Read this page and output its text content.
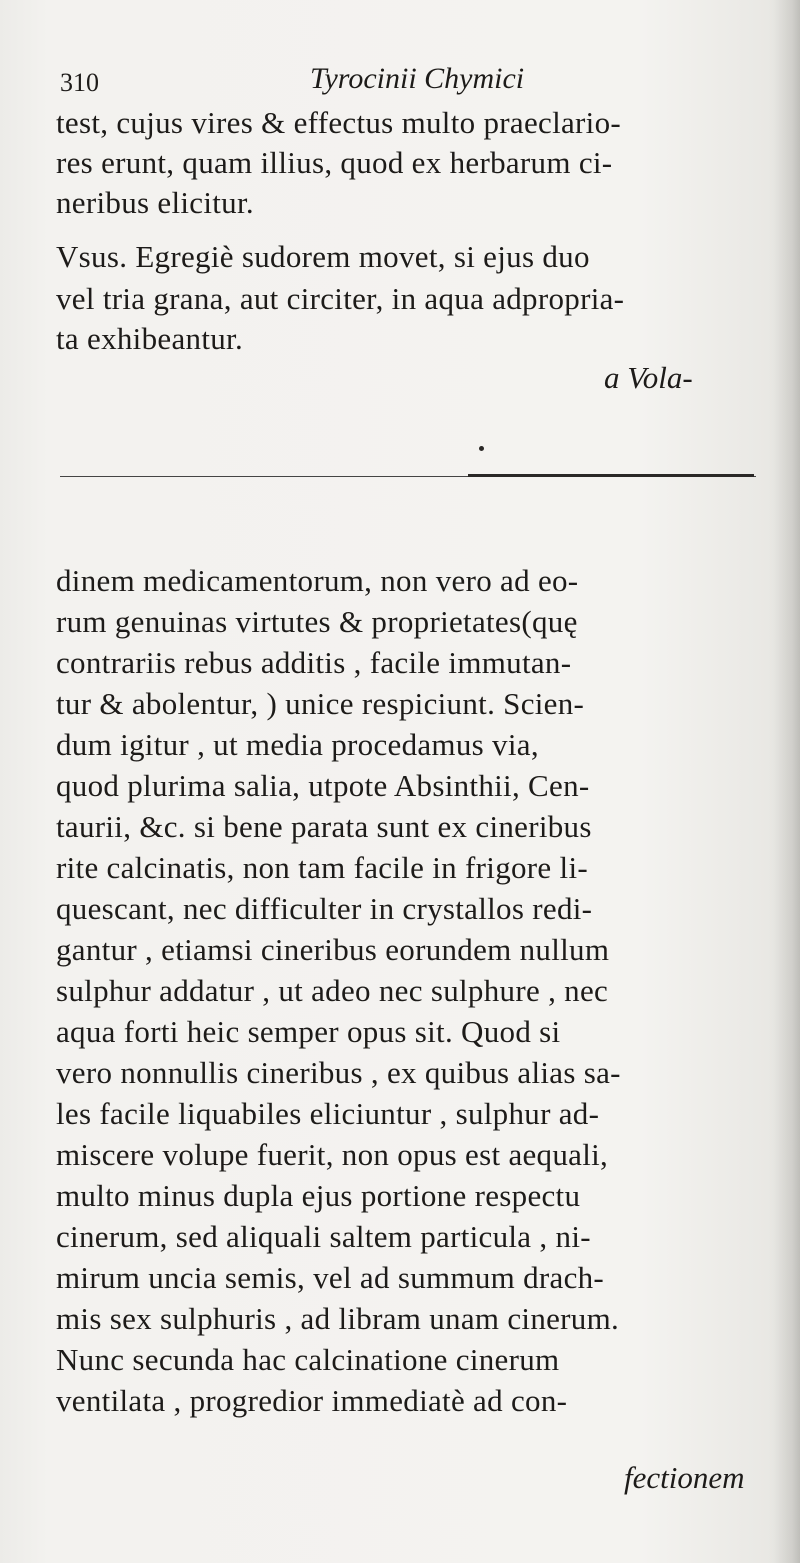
310	Tyrocinii Chymici
test, cujus vires & effectus multo praeclario-
res erunt, quam illius, quod ex herbarum ci-
neribus elicitur.
Vsus. Egregiè sudorem movet, si ejus duo
vel tria grana, aut circiter, in aqua adpropria-
ta exhibeantur.
a Vola-
dinem medicamentorum, non vero ad eo-
rum genuinas virtutes & proprietates(quę
contrariis rebus additis , facile immutan-
tur & abolentur, ) unice respiciunt. Scien-
dum igitur , ut media procedamus via,
quod plurima salia, utpote Absinthii, Cen-
taurii, &c. si bene parata sunt ex cineribus
rite calcinatis, non tam facile in frigore li-
quescant, nec difficulter in crystallos redi-
gantur , etiamsi cineribus eorundem nullum
sulphur addatur , ut adeo nec sulphure , nec
aqua forti heic semper opus sit. Quod si
vero nonnullis cineribus , ex quibus alias sa-
les facile liquabiles eliciuntur , sulphur ad-
miscere volupe fuerit, non opus est aequali,
multo minus dupla ejus portione respectu
cinerum, sed aliquali saltem particula , ni-
mirum uncia semis, vel ad summum drach-
mis sex sulphuris , ad libram unam cinerum.
Nunc secunda hac calcinatione cinerum
ventilata , progredior immediatè ad con-
fectionem
